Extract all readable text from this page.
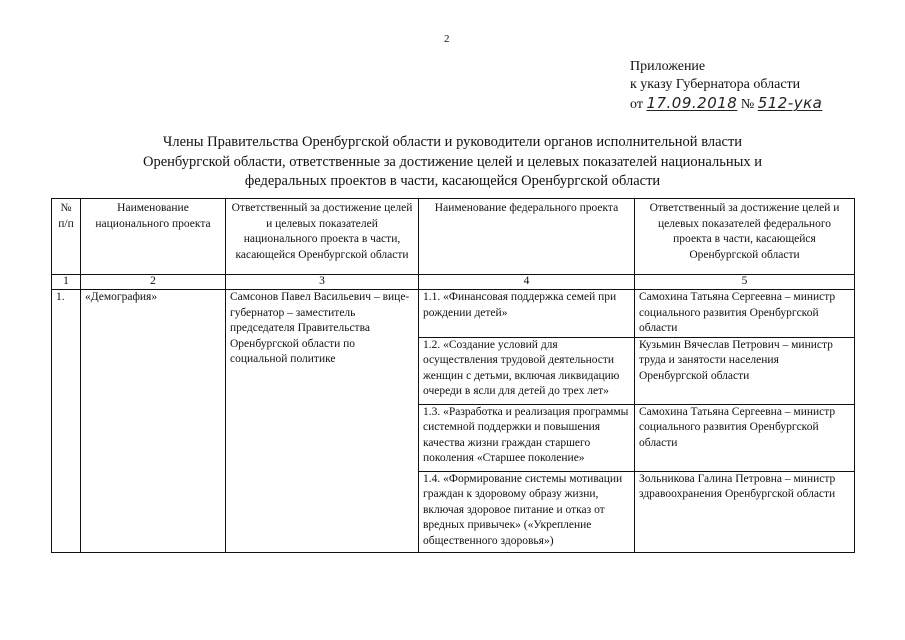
2
Приложение
к указу Губернатора области
от 17.09.2018 № 512-ука
Члены Правительства Оренбургской области и руководители органов исполнительной власти
Оренбургской области, ответственные за достижение целей и целевых показателей национальных и
федеральных проектов в части, касающейся Оренбургской области
№ п/п	Наименование национального проекта	Ответственный за достижение целей и целевых показателей национального проекта в части, касающейся Оренбургской области	Наименование федерального проекта	Ответственный за достижение целей и целевых показателей федерального проекта в части, касающейся Оренбургской области
1	2	3	4	5
1.	«Демография»	Самсонов Павел Васильевич – вице-губернатор – заместитель председателя Правительства Оренбургской области по социальной политике	1.1. «Финансовая поддержка семей при рождении детей»	Самохина Татьяна Сергеевна – министр социального развития Оренбургской области
			1.2. «Создание условий для осуществления трудовой деятельности женщин с детьми, включая ликвидацию очереди в ясли для детей до трех лет»	Кузьмин Вячеслав Петрович – министр труда и занятости населения Оренбургской области
			1.3. «Разработка и реализация программы системной поддержки и повышения качества жизни граждан старшего поколения «Старшее поколение»	Самохина Татьяна Сергеевна – министр социального развития Оренбургской области
			1.4. «Формирование системы мотивации граждан к здоровому образу жизни, включая здоровое питание и отказ от вредных привычек» («Укрепление общественного здоровья»)	Зольникова Галина Петровна – министр здравоохранения Оренбургской области
